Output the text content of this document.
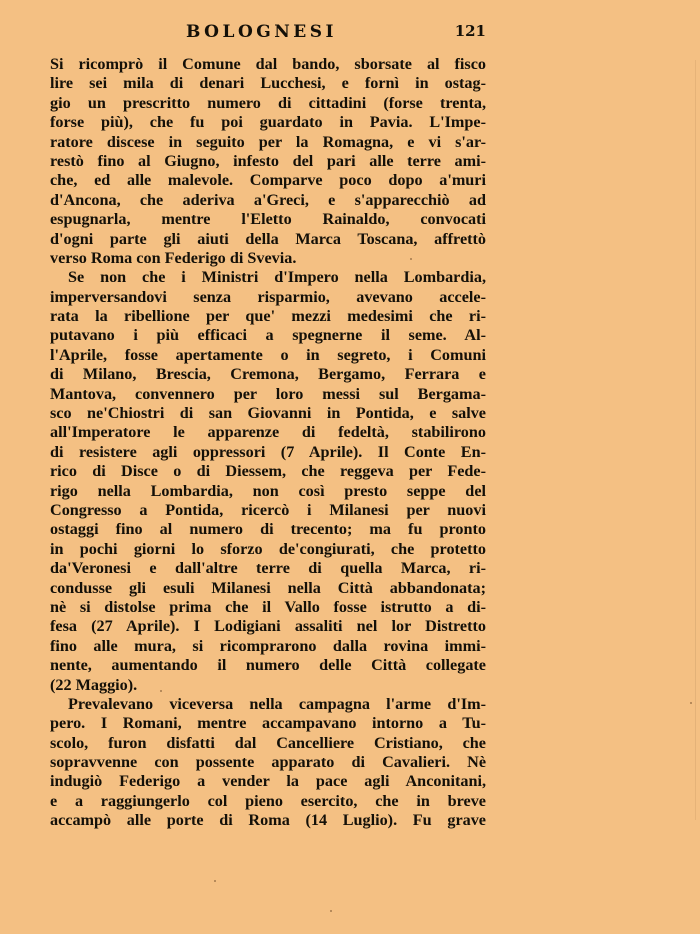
BOLOGNESI	121
Si ricomprò il Comune dal bando, sborsate al fisco
lire sei mila di denari Lucchesi, e fornì in ostag-
gio un prescritto numero di cittadini (forse trenta,
forse più), che fu poi guardato in Pavia. L'Impe-
ratore discese in seguito per la Romagna, e vi s'ar-
restò fino al Giugno, infesto del pari alle terre ami-
che, ed alle malevole. Comparve poco dopo a'muri
d'Ancona, che aderiva a'Greci, e s'apparecchiò ad
espugnarla, mentre l'Eletto Rainaldo, convocati
d'ogni parte gli aiuti della Marca Toscana, affrettò
verso Roma con Federigo di Svevia.
Se non che i Ministri d'Impero nella Lombardia,
imperversandovi senza risparmio, avevano accele-
rata la ribellione per que' mezzi medesimi che ri-
putavano i più efficaci a spegnerne il seme. Al-
l'Aprile, fosse apertamente o in segreto, i Comuni
di Milano, Brescia, Cremona, Bergamo, Ferrara e
Mantova, convennero per loro messi sul Bergama-
sco ne'Chiostri di san Giovanni in Pontida, e salve
all'Imperatore le apparenze di fedeltà, stabilirono
di resistere agli oppressori (7 Aprile). Il Conte En-
rico di Disce o di Diessem, che reggeva per Fede-
rigo nella Lombardia, non così presto seppe del
Congresso a Pontida, ricercò i Milanesi per nuovi
ostaggi fino al numero di trecento; ma fu pronto
in pochi giorni lo sforzo de'congiurati, che protetto
da'Veronesi e dall'altre terre di quella Marca, ri-
condusse gli esuli Milanesi nella Città abbandonata;
nè si distolse prima che il Vallo fosse istrutto a di-
fesa (27 Aprile). I Lodigiani assaliti nel lor Distretto
fino alle mura, si ricomprarono dalla rovina immi-
nente, aumentando il numero delle Città collegate
(22 Maggio).
Prevalevano viceversa nella campagna l'arme d'Im-
pero. I Romani, mentre accampavano intorno a Tu-
scolo, furon disfatti dal Cancelliere Cristiano, che
sopravvenne con possente apparato di Cavalieri. Nè
indugiò Federigo a vender la pace agli Anconitani,
e a raggiungerlo col pieno esercito, che in breve
accampò alle porte di Roma (14 Luglio). Fu grave
